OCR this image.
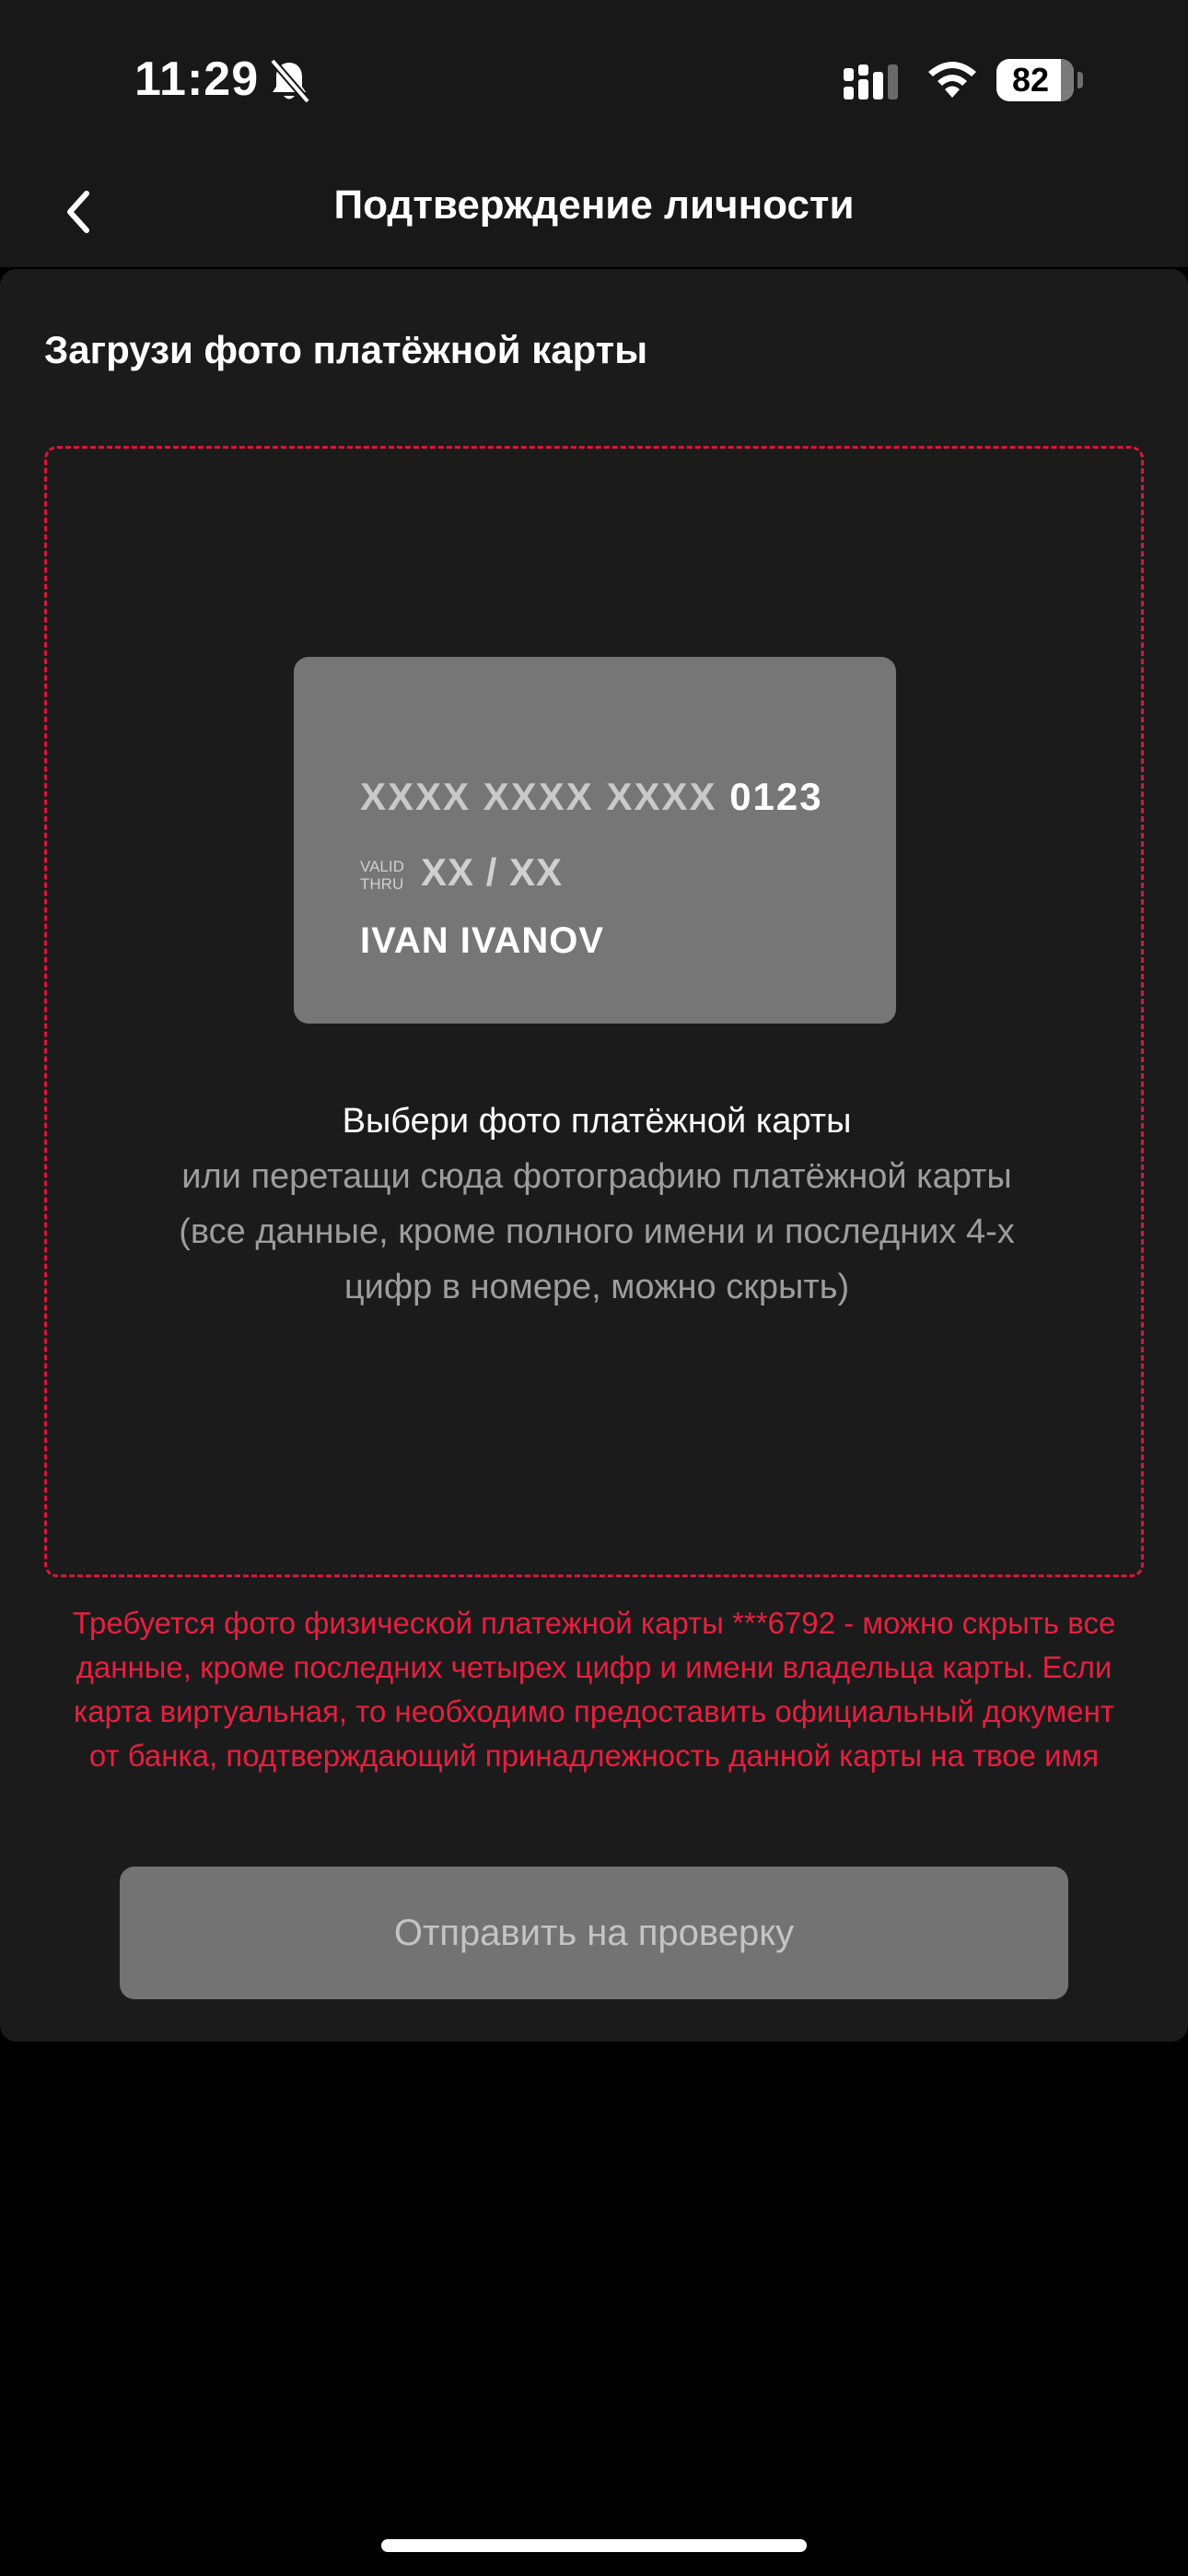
11:29	82
Подтверждение личности
Загрузи фото платёжной карты
XXXX XXXX XXXX 0123
VALID
THRU XX / XX
IVAN IVANOV
Выбери фото платёжной карты
или перетащи сюда фотографию платёжной карты (все данные, кроме полного имени и последних 4-х цифр в номере, можно скрыть)
Требуется фото физической платежной карты ***6792 - можно скрыть все данные, кроме последних четырех цифр и имени владельца карты. Если карта виртуальная, то необходимо предоставить официальный документ от банка, подтверждающий принадлежность данной карты на твое имя
Отправить на проверку
